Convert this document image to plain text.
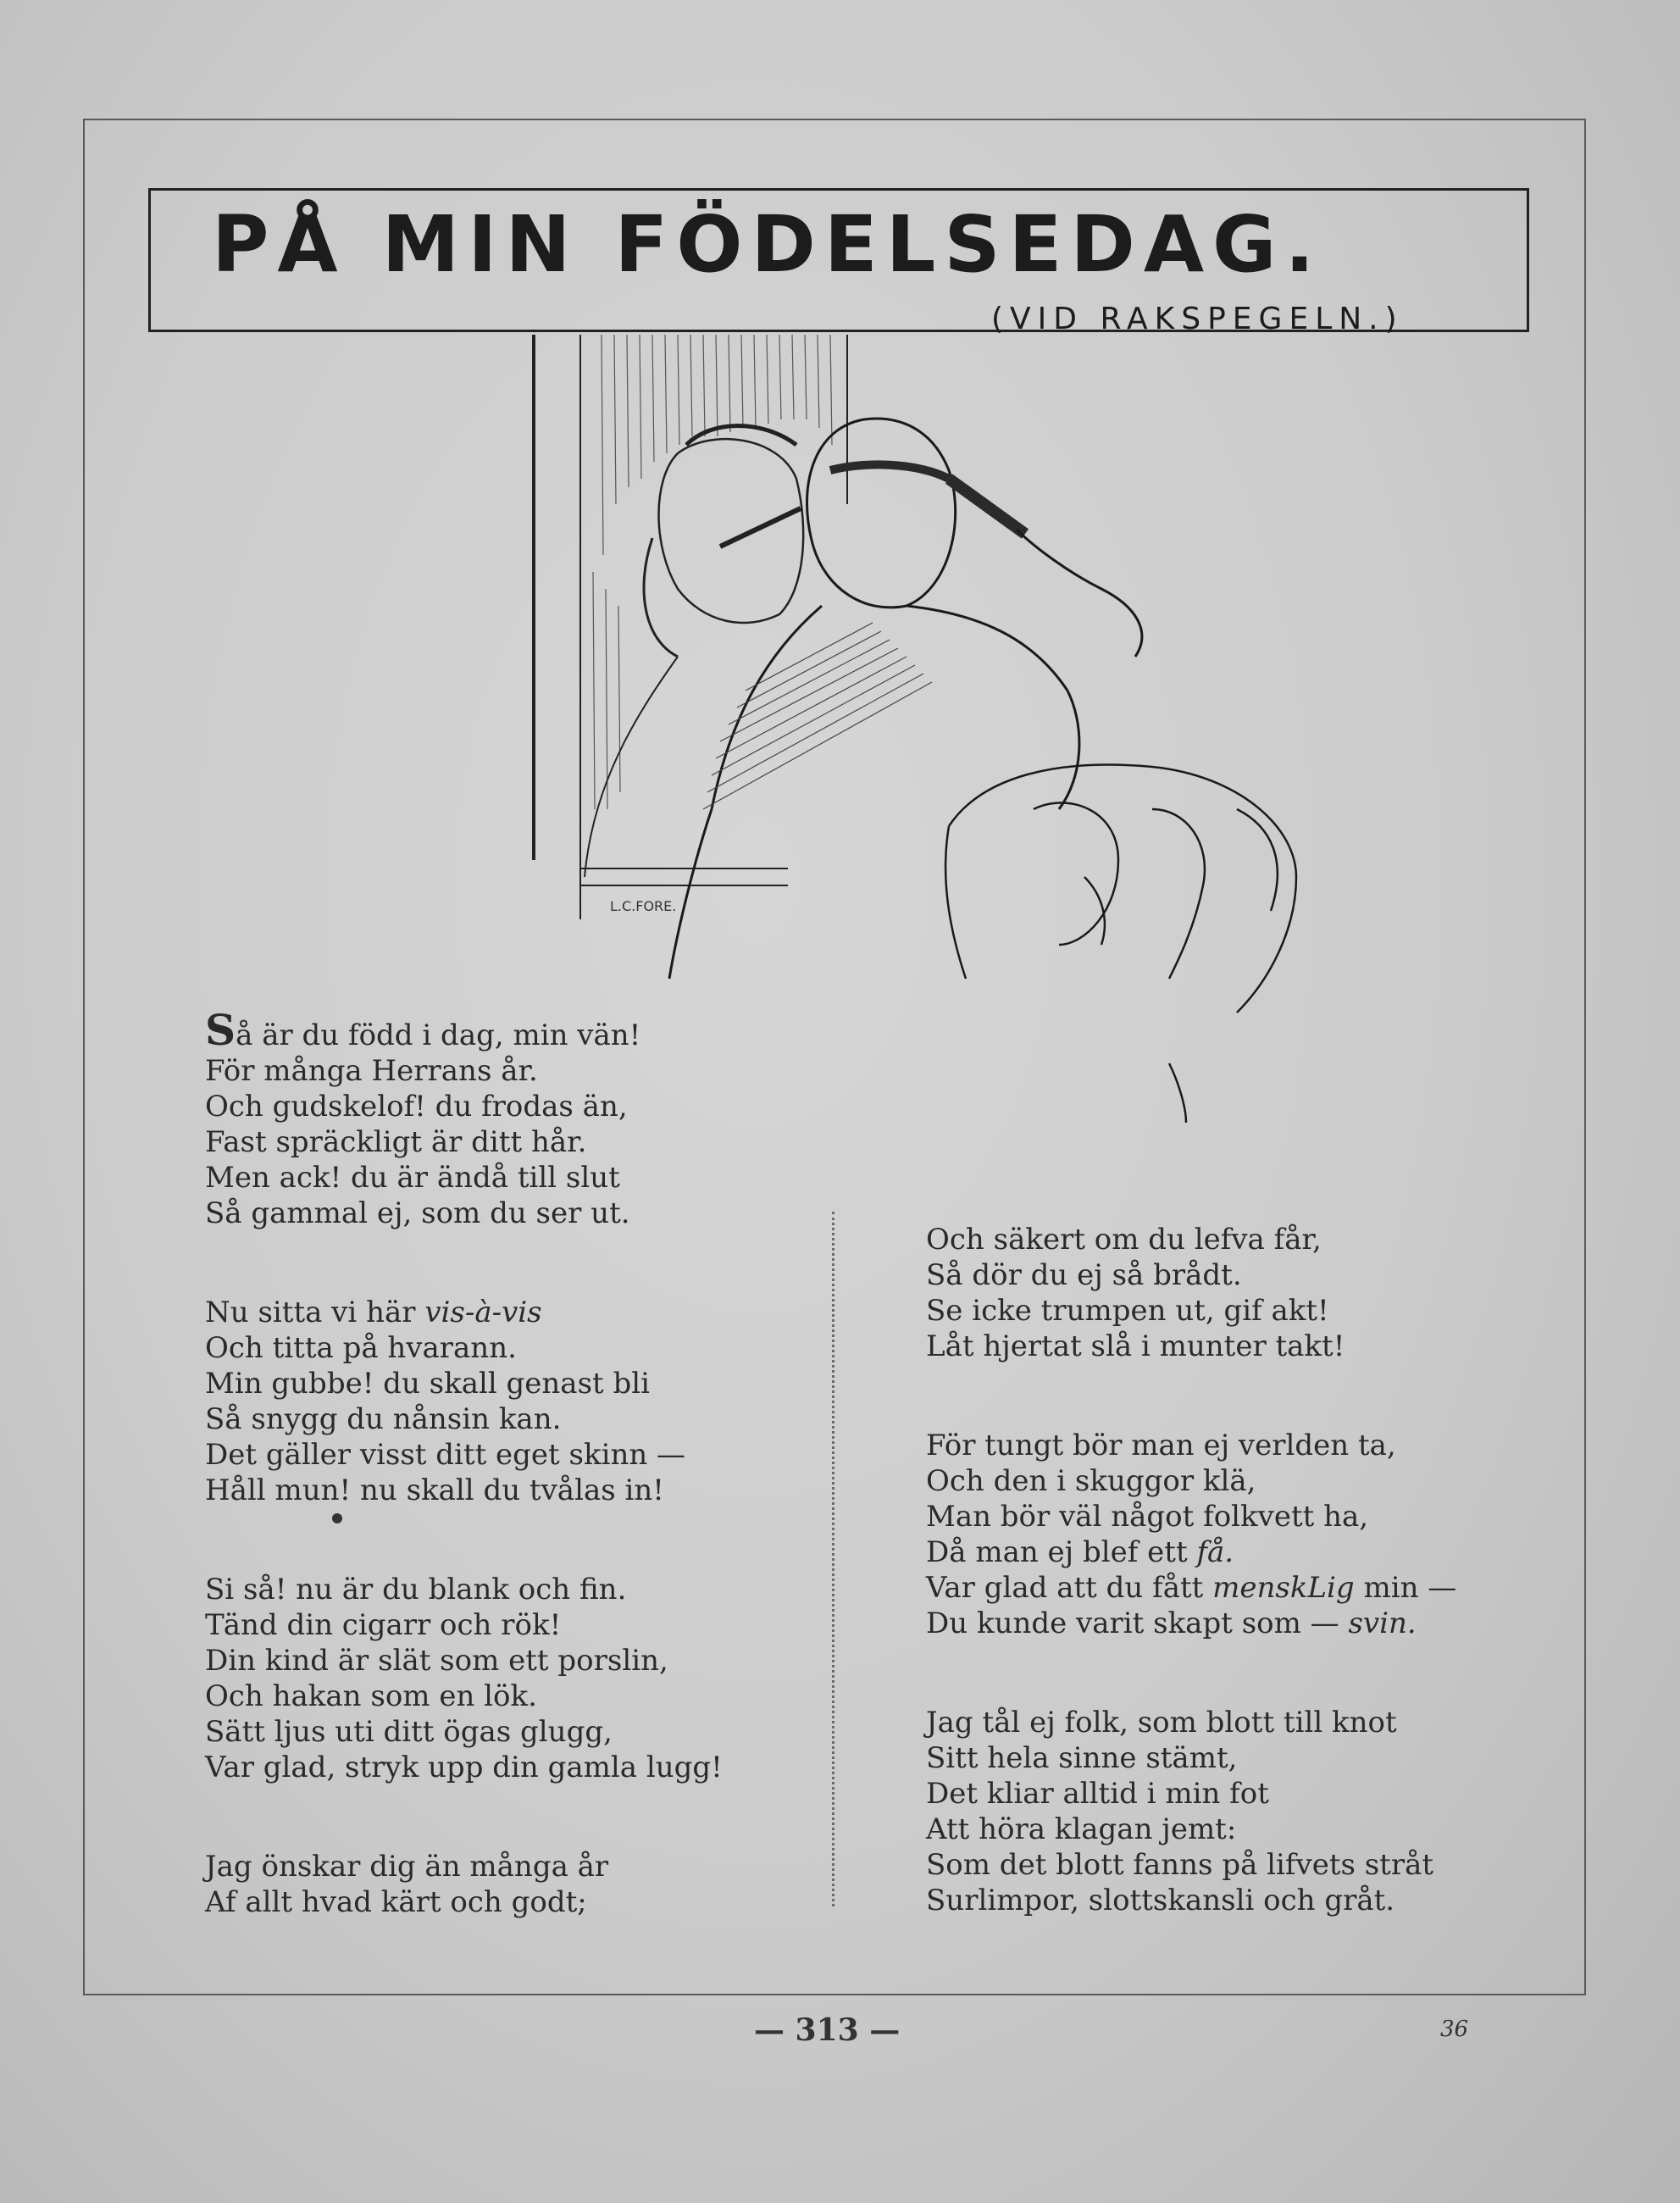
PÅ MIN FÖDELSEDAG.
(VID RAKSPEGELN.)
L.C.FORE.
Så är du född i dag, min vän!
För många Herrans år.
Och gudskelof! du frodas än,
Fast spräckligt är ditt hår.
Men ack! du är ändå till slut
Så gammal ej, som du ser ut.
Nu sitta vi här vis-à-vis
Och titta på hvarann.
Min gubbe! du skall genast bli
Så snygg du nånsin kan.
Det gäller visst ditt eget skinn —
Håll mun! nu skall du tvålas in!
Si så! nu är du blank och fin.
Tänd din cigarr och rök!
Din kind är slät som ett porslin,
Och hakan som en lök.
Sätt ljus uti ditt ögas glugg,
Var glad, stryk upp din gamla lugg!
Jag önskar dig än många år
Af allt hvad kärt och godt;
Och säkert om du lefva får,
Så dör du ej så brådt.
Se icke trumpen ut, gif akt!
Låt hjertat slå i munter takt!
För tungt bör man ej verlden ta,
Och den i skuggor klä,
Man bör väl något folkvett ha,
Då man ej blef ett få.
Var glad att du fått menskLig min —
Du kunde varit skapt som — svin.
Jag tål ej folk, som blott till knot
Sitt hela sinne stämt,
Det kliar alltid i min fot
Att höra klagan jemt:
Som det blott fanns på lifvets stråt
Surlimpor, slottskansli och gråt.
— 313 —	36
